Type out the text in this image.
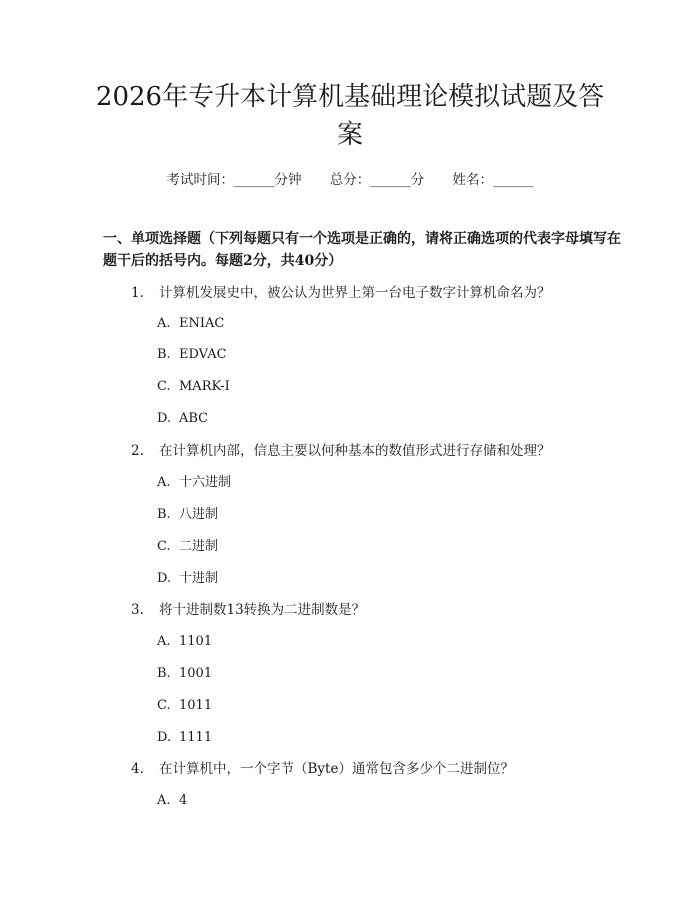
2026年专升本计算机基础理论模拟试题及答案
考试时间：______分钟 总分：______分 姓名：______
一、单项选择题（下列每题只有一个选项是正确的，请将正确选项的代表字母填写在题干后的括号内。每题2分，共40分）
1. 计算机发展史中，被公认为世界上第一台电子数字计算机命名为？
A. ENIAC
B. EDVAC
C. MARK-I
D. ABC
2. 在计算机内部，信息主要以何种基本的数值形式进行存储和处理？
A. 十六进制
B. 八进制
C. 二进制
D. 十进制
3. 将十进制数13转换为二进制数是？
A. 1101
B. 1001
C. 1011
D. 1111
4. 在计算机中，一个字节（Byte）通常包含多少个二进制位？
A. 4
